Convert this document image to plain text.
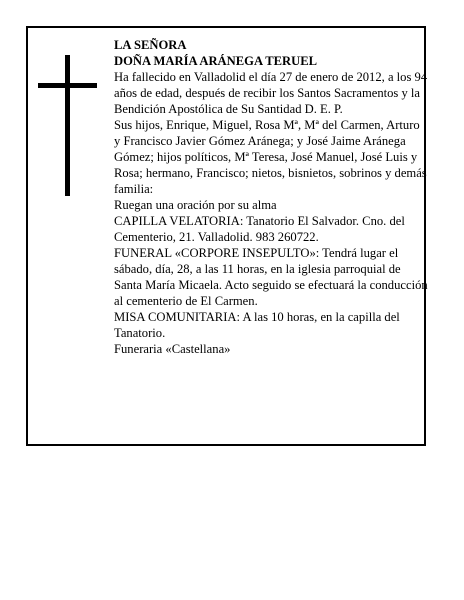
LA SEÑORA

DOÑA MARÍA ARÁNEGA TERUEL

Ha fallecido en Valladolid el día 27 de enero de 2012, a los 94 años de edad, después de recibir los Santos Sacramentos y la Bendición Apostólica de Su Santidad D. E. P.

Sus hijos, Enrique, Miguel, Rosa Mª, Mª del Carmen, Arturo y Francisco Javier Gómez Aránega; y José Jaime Aránega Gómez; hijos políticos, Mª Teresa, José Manuel, José Luis y Rosa; hermano, Francisco; nietos, bisnietos, sobrinos y demás familia:

Ruegan una oración por su alma

CAPILLA VELATORIA: Tanatorio El Salvador. Cno. del Cementerio, 21. Valladolid. 983 260722.

FUNERAL «CORPORE INSEPULTO»: Tendrá lugar el sábado, día, 28, a las 11 horas, en la iglesia parroquial de Santa María Micaela. Acto seguido se efectuará la conducción al cementerio de El Carmen.

MISA COMUNITARIA: A las 10 horas, en la capilla del Tanatorio.

Funeraria «Castellana»
